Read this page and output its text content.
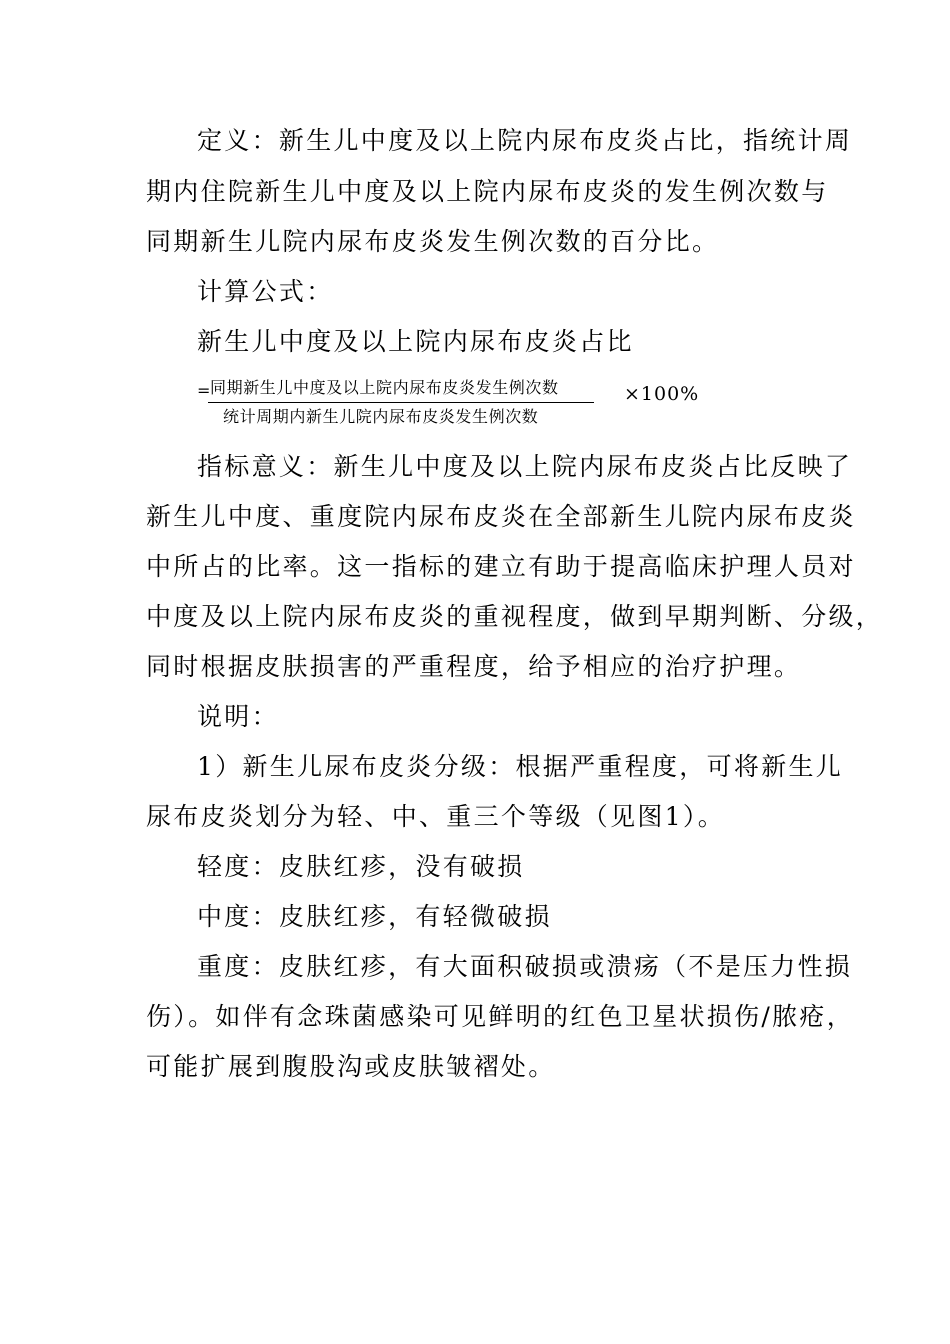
定义：新生儿中度及以上院内尿布皮炎占比，指统计周
期内住院新生儿中度及以上院内尿布皮炎的发生例次数与
同期新生儿院内尿布皮炎发生例次数的百分比。
计算公式：
新生儿中度及以上院内尿布皮炎占比
= 同期新生儿中度及以上院内尿布皮炎发生例次数
统计周期内新生儿院内尿布皮炎发生例次数
×100%
指标意义：新生儿中度及以上院内尿布皮炎占比反映了
新生儿中度、重度院内尿布皮炎在全部新生儿院内尿布皮炎
中所占的比率。这一指标的建立有助于提高临床护理人员对
中度及以上院内尿布皮炎的重视程度，做到早期判断、分级，
同时根据皮肤损害的严重程度，给予相应的治疗护理。
说明：
1）新生儿尿布皮炎分级：根据严重程度，可将新生儿
尿布皮炎划分为轻、中、重三个等级（见图1）。
轻度：皮肤红疹，没有破损
中度：皮肤红疹，有轻微破损
重度：皮肤红疹，有大面积破损或溃疡（不是压力性损
伤）。如伴有念珠菌感染可见鲜明的红色卫星状损伤/脓疮，
可能扩展到腹股沟或皮肤皱褶处。
